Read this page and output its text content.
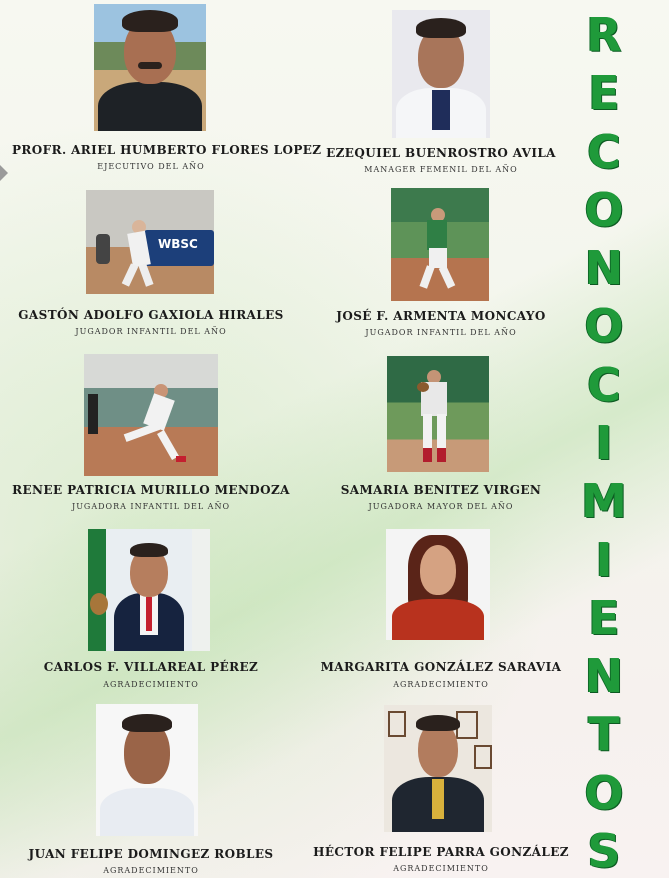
R
E
C
O
N
O
C
I
M
I
E
N
T
O
S
PROFR. ARIEL HUMBERTO FLORES LOPEZ
EJECUTIVO DEL AÑO
EZEQUIEL BUENROSTRO AVILA
MANAGER FEMENIL DEL AÑO
WBSC
GASTÓN ADOLFO GAXIOLA HIRALES
JUGADOR INFANTIL DEL AÑO
JOSÉ F. ARMENTA MONCAYO
JUGADOR INFANTIL DEL AÑO
RENEE PATRICIA MURILLO MENDOZA
JUGADORA INFANTIL DEL AÑO
SAMARIA BENITEZ VIRGEN
JUGADORA MAYOR DEL AÑO
CARLOS F. VILLAREAL PÉREZ
AGRADECIMIENTO
MARGARITA GONZÁLEZ SARAVIA
AGRADECIMIENTO
JUAN FELIPE DOMINGEZ ROBLES
AGRADECIMIENTO
HÉCTOR FELIPE PARRA GONZÁLEZ
AGRADECIMIENTO
